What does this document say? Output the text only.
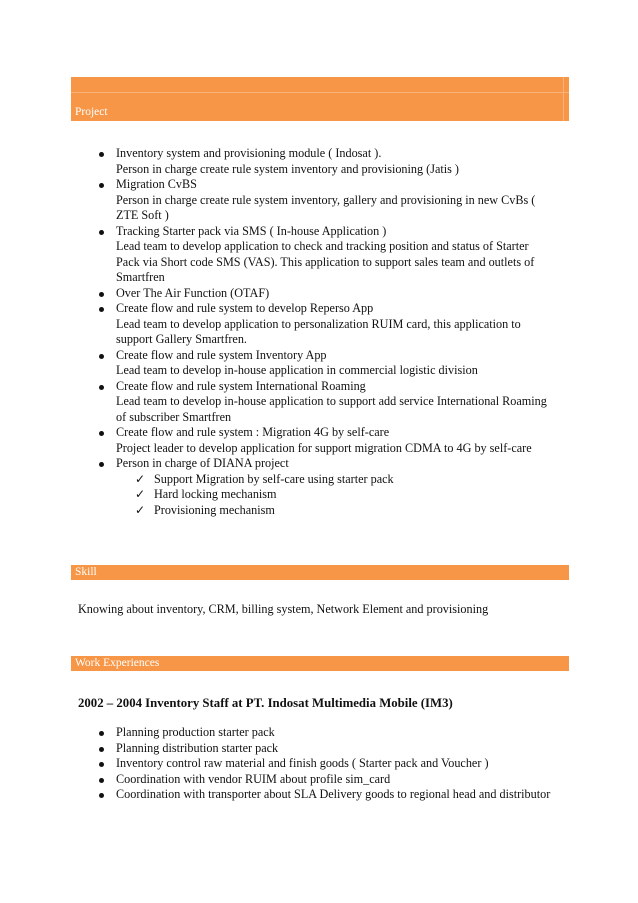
Project
Inventory system and provisioning module ( Indosat ).
Person in charge create rule system inventory and provisioning (Jatis )
Migration CvBS
Person in charge create rule system inventory, gallery and provisioning in new CvBs ( ZTE Soft )
Tracking Starter pack via SMS ( In-house Application )
Lead team to develop application to check and tracking position and status of Starter Pack via Short code SMS (VAS). This application to support sales team and outlets of Smartfren
Over The Air Function (OTAF)
Create flow and rule system to develop Reperso App
Lead team to develop application to personalization RUIM card, this application to support Gallery Smartfren.
Create flow and rule system Inventory App
Lead team to develop in-house application in commercial logistic division
Create flow and rule system International Roaming
Lead team to develop in-house application to support add service International Roaming of subscriber Smartfren
Create flow and rule system : Migration 4G by self-care
Project leader to develop application for support migration CDMA to 4G by self-care
Person in charge of DIANA project
✓ Support Migration by self-care using starter pack
✓ Hard locking mechanism
✓ Provisioning mechanism
Skill
Knowing about inventory, CRM, billing system, Network Element and provisioning
Work Experiences
2002 – 2004 Inventory Staff at PT. Indosat Multimedia Mobile (IM3)
Planning production starter pack
Planning distribution starter pack
Inventory control raw material and finish goods ( Starter pack and Voucher )
Coordination with vendor RUIM about profile sim_card
Coordination with transporter about SLA Delivery goods to regional head and distributor
